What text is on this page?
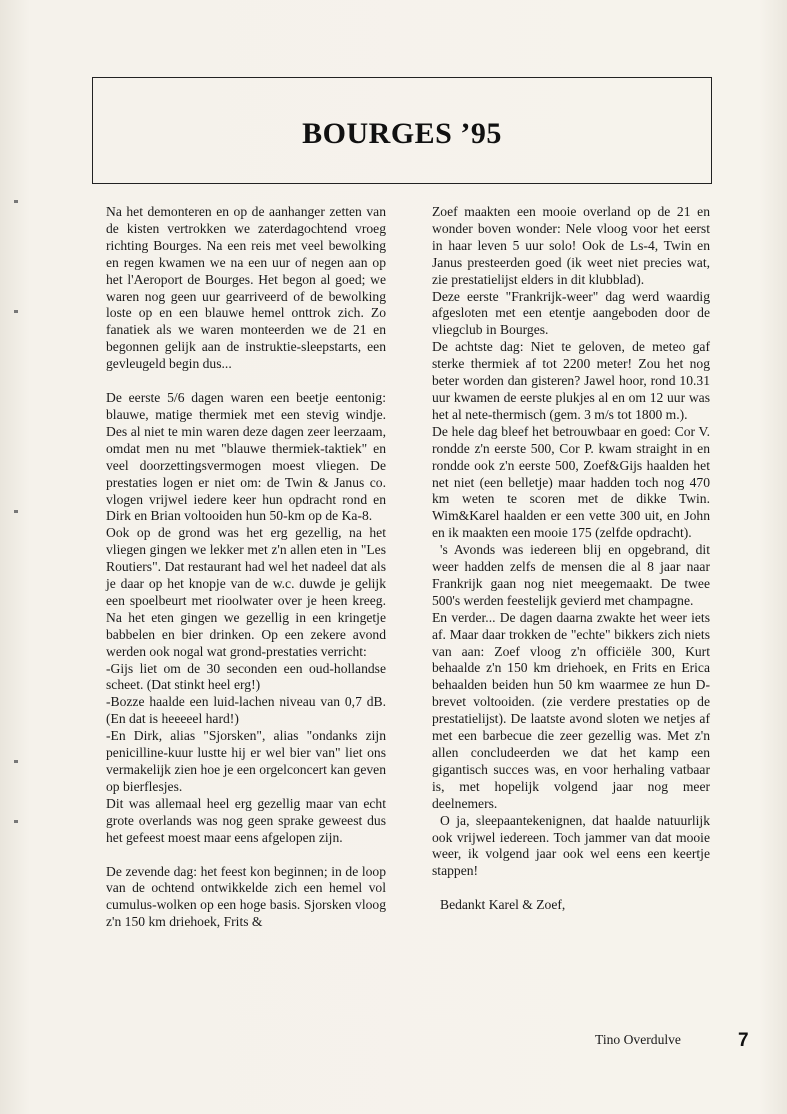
BOURGES ’95

Na het demonteren en op de aanhanger zetten van de kisten vertrokken we zaterdagochtend vroeg richting Bourges. Na een reis met veel bewolking en regen kwamen we na een uur of negen aan op het l'Aeroport de Bourges. Het begon al goed; we waren nog geen uur gearriveerd of de bewolking loste op en een blauwe hemel onttrok zich. Zo fanatiek als we waren monteerden we de 21 en begonnen gelijk aan de instruktie-sleepstarts, een gevleugeld begin dus...

De eerste 5/6 dagen waren een beetje eentonig: blauwe, matige thermiek met een stevig windje. Des al niet te min waren deze dagen zeer leerzaam, omdat men nu met "blauwe thermiek-taktiek" en veel doorzettingsvermogen moest vliegen. De prestaties logen er niet om: de Twin & Janus co. vlogen vrijwel iedere keer hun opdracht rond en Dirk en Brian voltooiden hun 50-km op de Ka-8.

Ook op de grond was het erg gezellig, na het vliegen gingen we lekker met z'n allen eten in "Les Routiers". Dat restaurant had wel het nadeel dat als je daar op het knopje van de w.c. duwde je gelijk een spoelbeurt met rioolwater over je heen kreeg. Na het eten gingen we gezellig in een kringetje babbelen en bier drinken. Op een zekere avond werden ook nogal wat grond-prestaties verricht:

-Gijs liet om de 30 seconden een oud-hollandse scheet. (Dat stinkt heel erg!)

-Bozze haalde een luid-lachen niveau van 0,7 dB. (En dat is heeeeel hard!)

-En Dirk, alias "Sjorsken", alias "ondanks zijn penicilline-kuur lustte hij er wel bier van" liet ons vermakelijk zien hoe je een orgelconcert kan geven op bierflesjes.

Dit was allemaal heel erg gezellig maar van echt grote overlands was nog geen sprake geweest dus het gefeest moest maar eens afgelopen zijn.

De zevende dag: het feest kon beginnen; in de loop van de ochtend ontwikkelde zich een hemel vol cumulus-wolken op een hoge basis. Sjorsken vloog z'n 150 km driehoek, Frits &

Zoef maakten een mooie overland op de 21 en wonder boven wonder: Nele vloog voor het eerst in haar leven 5 uur solo! Ook de Ls-4, Twin en Janus presteerden goed (ik weet niet precies wat, zie prestatielijst elders in dit klubblad).

Deze eerste "Frankrijk-weer" dag werd waardig afgesloten met een etentje aangeboden door de vliegclub in Bourges.

De achtste dag: Niet te geloven, de meteo gaf sterke thermiek af tot 2200 meter! Zou het nog beter worden dan gisteren? Jawel hoor, rond 10.31 uur kwamen de eerste plukjes al en om 12 uur was het al nete-thermisch (gem. 3 m/s tot 1800 m.).

De hele dag bleef het betrouwbaar en goed: Cor V. rondde z'n eerste 500, Cor P. kwam straight in en rondde ook z'n eerste 500, Zoef&Gijs haalden het net niet (een belletje) maar hadden toch nog 470 km weten te scoren met de dikke Twin. Wim&Karel haalden er een vette 300 uit, en John en ik maakten een mooie 175 (zelfde opdracht).

's Avonds was iedereen blij en opgebrand, dit weer hadden zelfs de mensen die al 8 jaar naar Frankrijk gaan nog niet meegemaakt. De twee 500's werden feestelijk gevierd met champagne.

En verder... De dagen daarna zwakte het weer iets af. Maar daar trokken de "echte" bikkers zich niets van aan: Zoef vloog z'n officiële 300, Kurt behaalde z'n 150 km driehoek, en Frits en Erica behaalden beiden hun 50 km waarmee ze hun D-brevet voltooiden. (zie verdere prestaties op de prestatielijst). De laatste avond sloten we netjes af met een barbecue die zeer gezellig was. Met z'n allen concludeerden we dat het kamp een gigantisch succes was, en voor herhaling vatbaar is, met hopelijk volgend jaar nog meer deelnemers.

O ja, sleepaantekenignen, dat haalde natuurlijk ook vrijwel iedereen. Toch jammer van dat mooie weer, ik volgend jaar ook wel eens een keertje stappen!

Bedankt Karel & Zoef,

Tino Overdulve	7
